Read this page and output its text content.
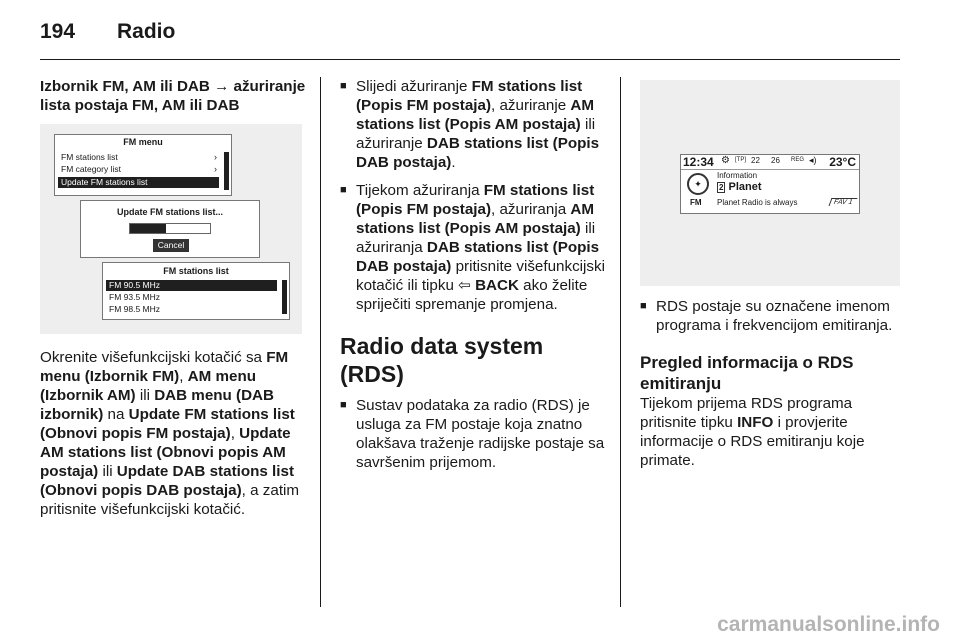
194 Radio

Izbornik FM, AM ili DAB → ažuriranje
lista postaja FM, AM ili DAB

FM menu
FM stations list	›
FM category list	›
Update FM stations list
Update FM stations list...
Cancel
FM stations list
FM 90.5 MHz
FM 93.5 MHz
FM 98.5 MHz

Okrenite višefunkcijski kotačić sa FM menu (Izbornik FM), AM menu (Izbornik AM) ili DAB menu (DAB izbornik) na Update FM stations list (Obnovi popis FM postaja), Update AM stations list (Obnovi popis AM postaja) ili Update DAB stations list (Obnovi popis DAB postaja), a zatim pritisnite višefunkcijski kotačić.

■ Slijedi ažuriranje FM stations list (Popis FM postaja), ažuriranje AM stations list (Popis AM postaja) ili ažuriranje DAB stations list (Popis DAB postaja).

■ Tijekom ažuriranja FM stations list (Popis FM postaja), ažuriranja AM stations list (Popis AM postaja) ili ažuriranja DAB stations list (Popis DAB postaja) pritisnite višefunkcijski kotačić ili tipku ⇦ BACK ako želite spriječiti spremanje promjena.

Radio data system (RDS)

■ Sustav podataka za radio (RDS) je usluga za FM postaje koja znatno olakšava traženje radijske postaje sa savršenim prijemom.

12:34 ⚙ [TP] 22 26 REG ◂) 23°C
✦
FM
Information
2 Planet
Planet Radio is always	FAV 1

■ RDS postaje su označene imenom programa i frekvencijom emitiranja.

Pregled informacija o RDS emitiranju

Tijekom prijema RDS programa pritisnite tipku INFO i provjerite informacije o RDS emitiranju koje primate.

carmanualsonline.info
